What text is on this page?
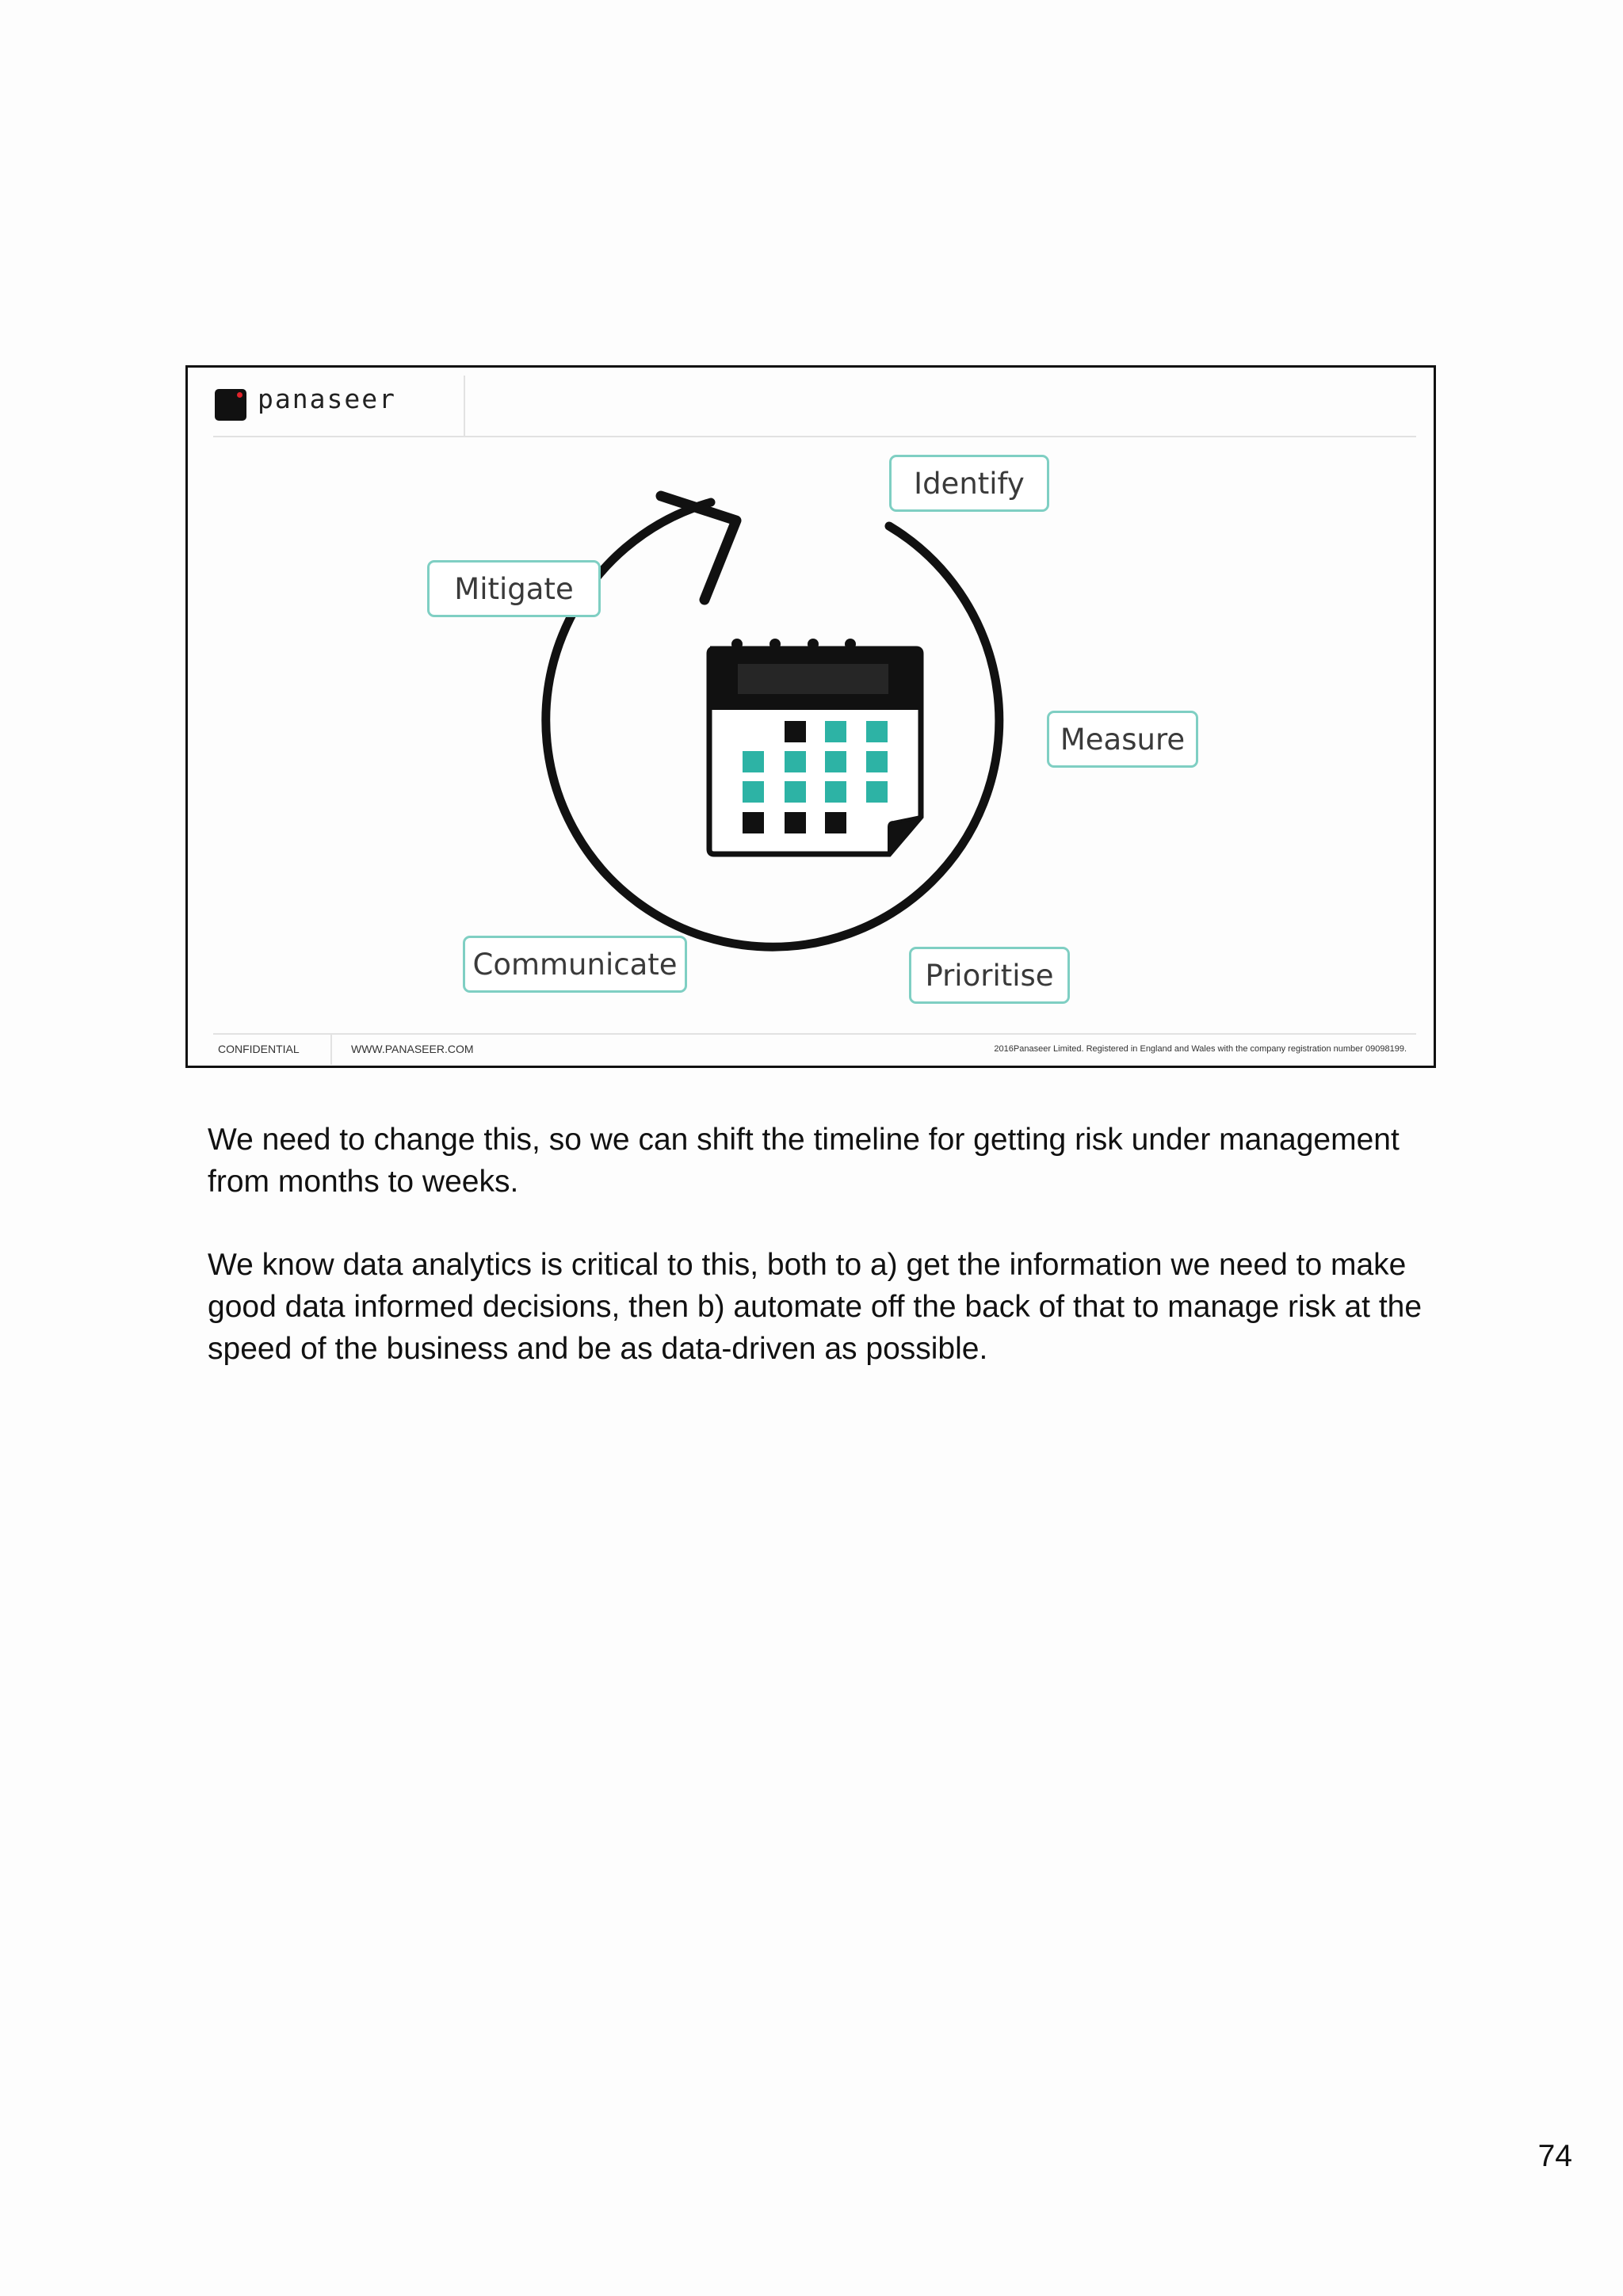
panaseer
Identify
Mitigate
Measure
Communicate	Prioritise
CONFIDENTIAL	WWW.PANASEER.COM	2016Panaseer Limited. Registered in England and Wales with the company registration number 09098199.

We need to change this, so we can shift the timeline for getting risk under management from months to weeks.

We know data analytics is critical to this, both to a) get the information we need to make good data informed decisions, then b) automate off the back of that to manage risk at the speed of the business and be as data-driven as possible.

74
